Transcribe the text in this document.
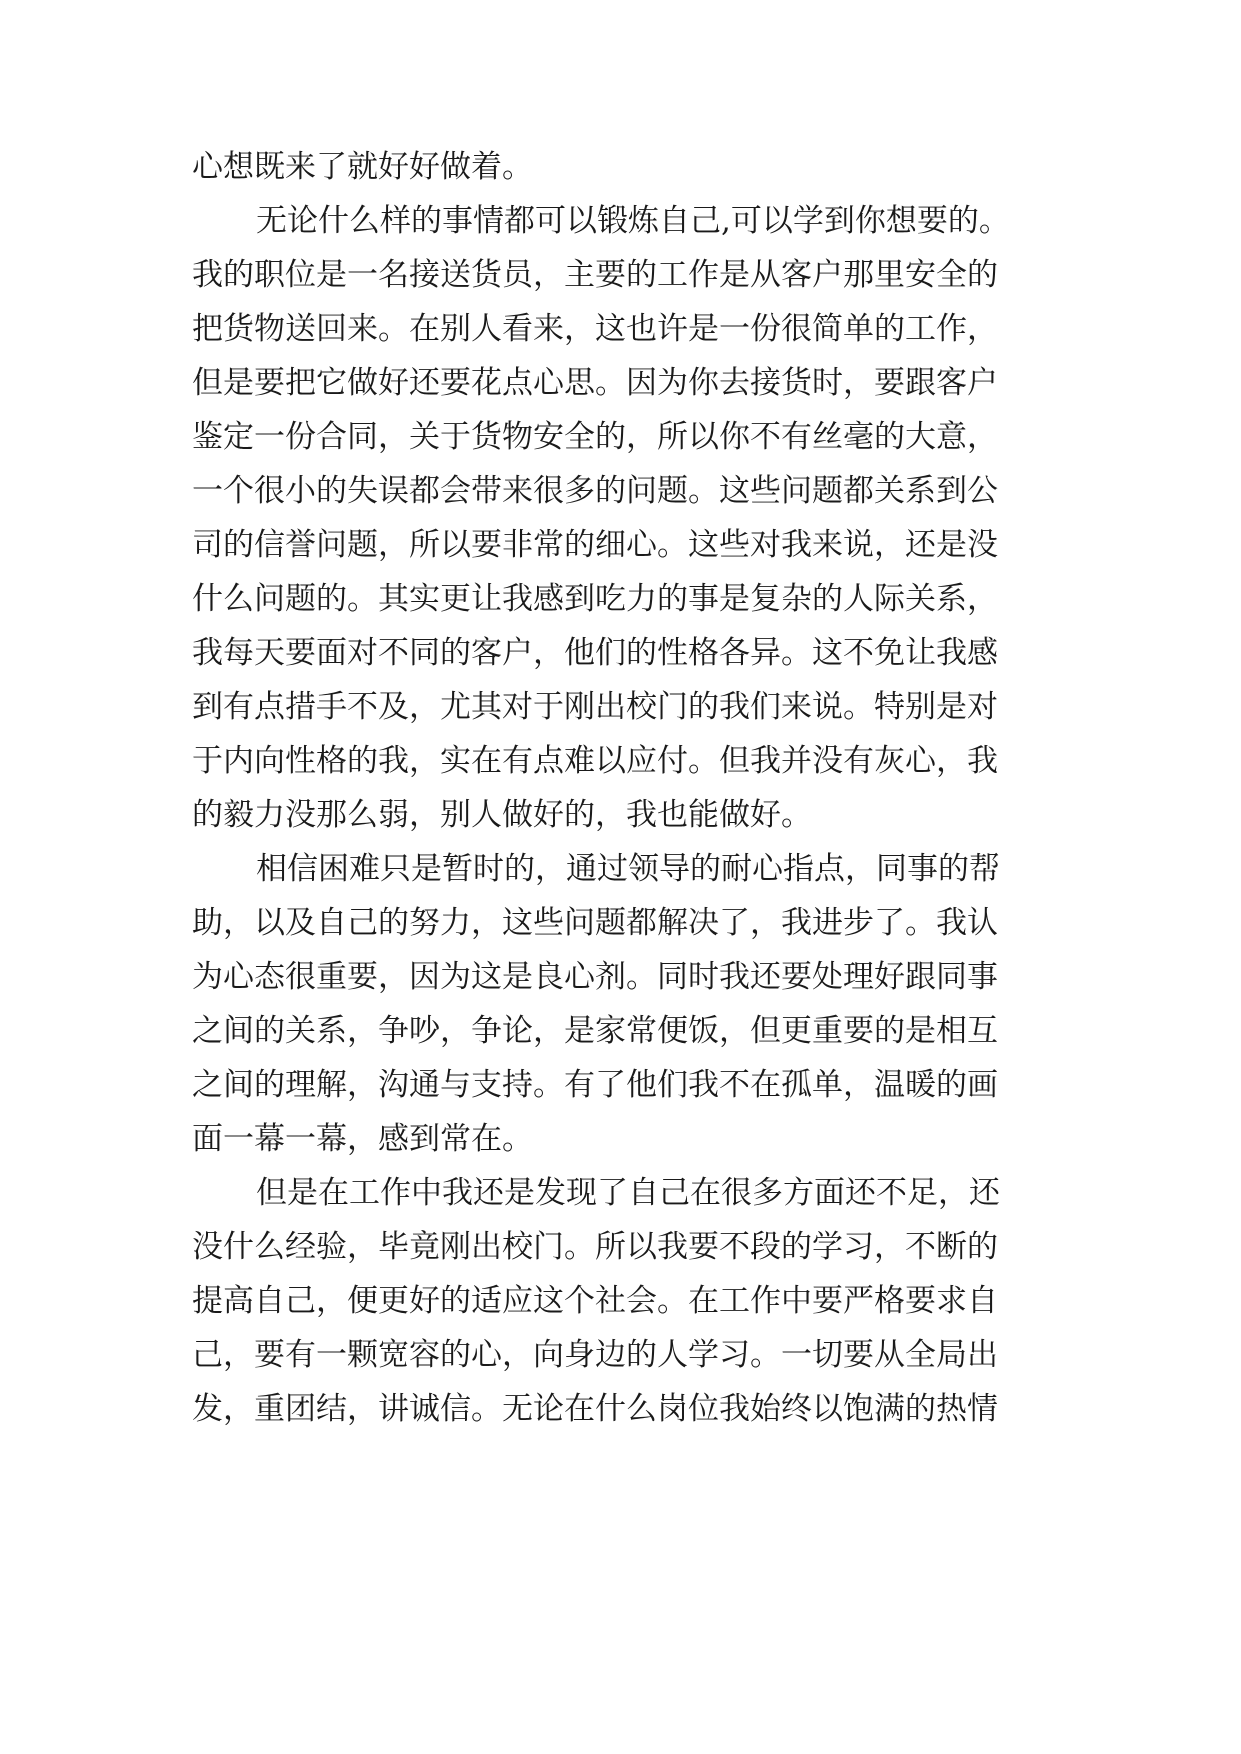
心想既来了就好好做着。
无论什么样的事情都可以锻炼自己,可以学到你想要的。
我的职位是一名接送货员，主要的工作是从客户那里安全的
把货物送回来。在别人看来，这也许是一份很简单的工作，
但是要把它做好还要花点心思。因为你去接货时，要跟客户
鉴定一份合同，关于货物安全的，所以你不有丝毫的大意，
一个很小的失误都会带来很多的问题。这些问题都关系到公
司的信誉问题，所以要非常的细心。这些对我来说，还是没
什么问题的。其实更让我感到吃力的事是复杂的人际关系，
我每天要面对不同的客户，他们的性格各异。这不免让我感
到有点措手不及，尤其对于刚出校门的我们来说。特别是对
于内向性格的我，实在有点难以应付。但我并没有灰心，我
的毅力没那么弱，别人做好的，我也能做好。
相信困难只是暂时的，通过领导的耐心指点，同事的帮
助，以及自己的努力，这些问题都解决了，我进步了。我认
为心态很重要，因为这是良心剂。同时我还要处理好跟同事
之间的关系，争吵，争论，是家常便饭，但更重要的是相互
之间的理解，沟通与支持。有了他们我不在孤单，温暖的画
面一幕一幕，感到常在。
但是在工作中我还是发现了自己在很多方面还不足，还
没什么经验，毕竟刚出校门。所以我要不段的学习，不断的
提高自己，便更好的适应这个社会。在工作中要严格要求自
己，要有一颗宽容的心，向身边的人学习。一切要从全局出
发，重团结，讲诚信。无论在什么岗位我始终以饱满的热情
